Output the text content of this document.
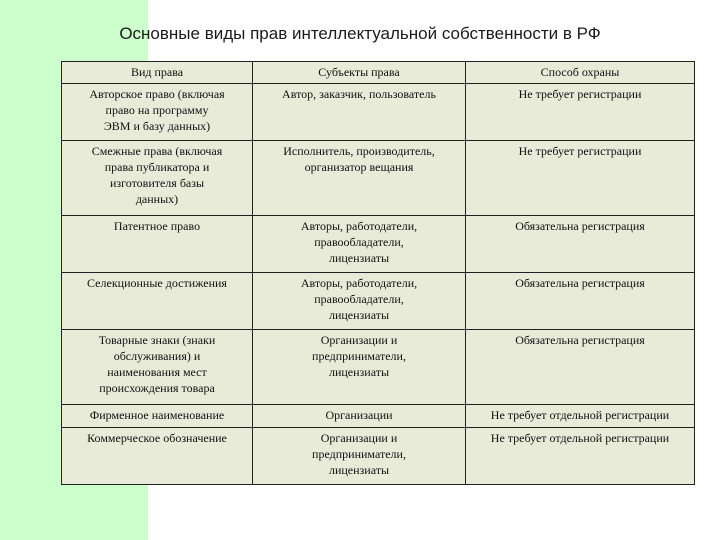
Основные виды прав интеллектуальной собственности в РФ
Вид права	Субъекты права	Способ охраны
Авторское право (включая
право на программу
ЭВМ и базу данных)	Автор, заказчик, пользователь	Не требует регистрации
Смежные права (включая
права публикатора и
изготовителя базы
данных)	Исполнитель, производитель,
организатор вещания	Не требует регистрации
Патентное право	Авторы, работодатели,
правообладатели,
лицензиаты	Обязательна регистрация
Селекционные достижения	Авторы, работодатели,
правообладатели,
лицензиаты	Обязательна регистрация
Товарные знаки (знаки
обслуживания) и
наименования мест
происхождения товара	Организации и
предприниматели,
лицензиаты	Обязательна регистрация
Фирменное наименование	Организации	Не требует отдельной регистрации
Коммерческое обозначение	Организации и
предприниматели,
лицензиаты	Не требует отдельной регистрации
